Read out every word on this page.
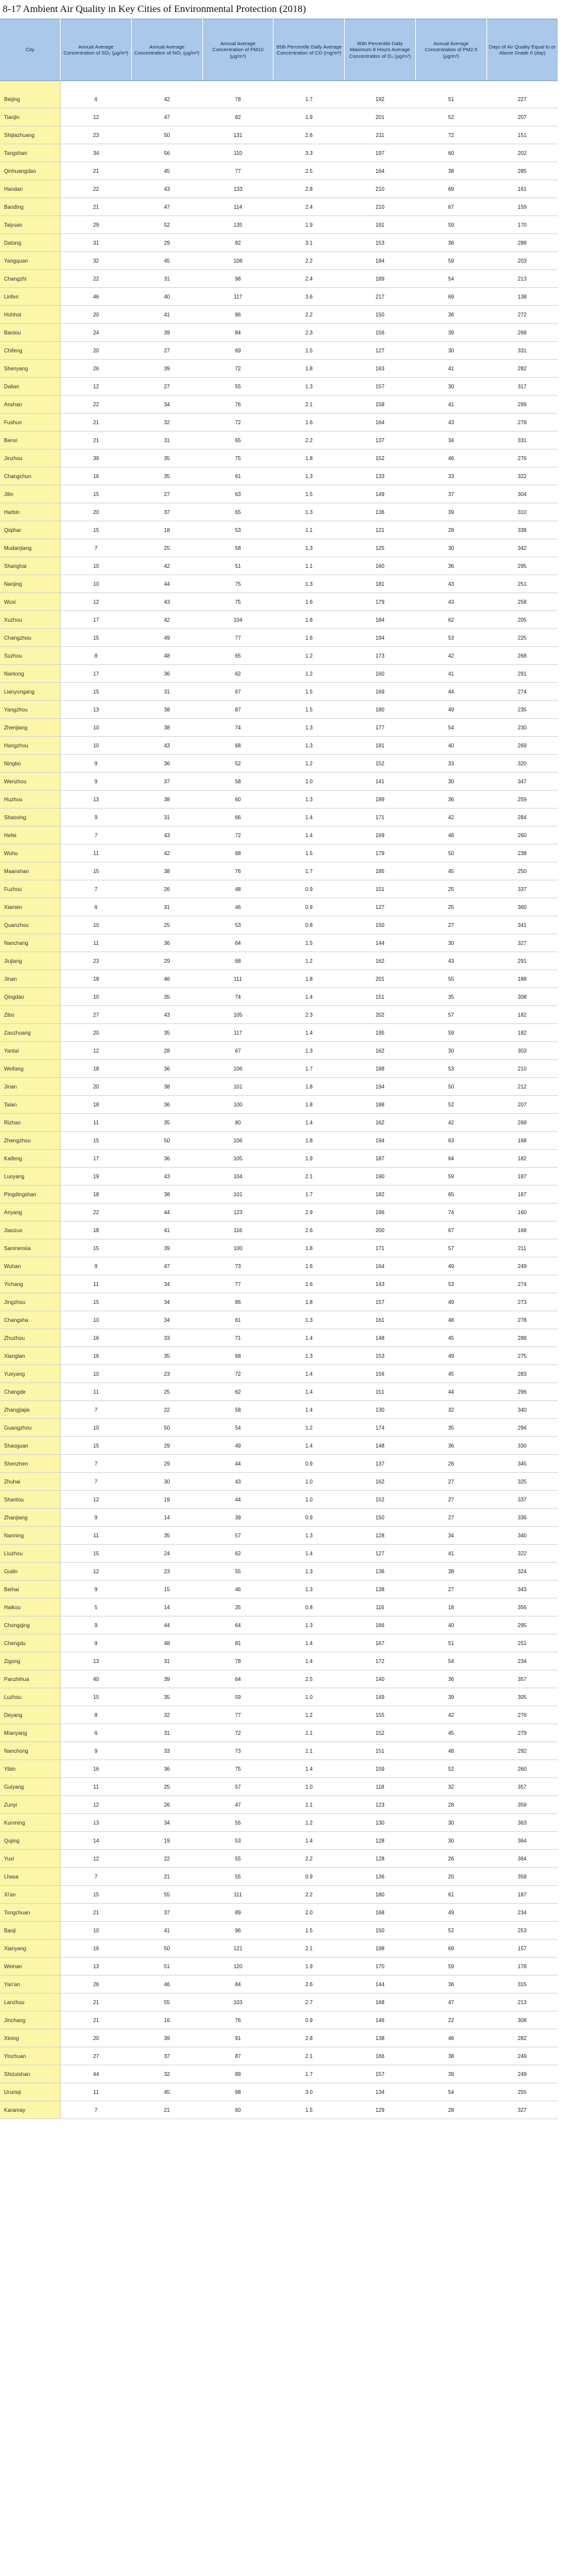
8-17 Ambient Air Quality in Key Cities of Environmental Protection (2018)
City	Annual Average Concentration of SO₂ (μg/m³)	Annual Average Concentration of NO₂ (μg/m³)	Annual Average Concentration of PM10 (μg/m³)	95th Percentile Daily Average Concentration of CO (mg/m³)	90th Percentile Daily Maximum 8 Hours Average Concentration of O₃ (μg/m³)	Annual Average Concentration of PM2.5 (μg/m³)	Days of Air Quality Equal to or Above Grade II (day)

Beijing	6	42	78	1.7	192	51	227
Tianjin	12	47	82	1.9	201	52	207
Shijiazhuang	23	50	131	2.6	211	72	151
Tangshan	34	56	110	3.3	197	60	202
Qinhuangdao	21	45	77	2.5	164	38	285
Handan	22	43	133	2.8	210	69	161
Baoding	21	47	114	2.4	210	67	159
Taiyuan	29	52	135	1.9	191	59	170
Datong	31	29	82	3.1	153	36	288
Yangquan	32	45	108	2.2	184	59	203
Changzhi	22	31	98	2.4	189	54	213
Linfen	46	40	117	3.6	217	69	138
Hohhot	20	41	86	2.2	150	36	272
Baotou	24	39	84	2.3	156	39	268
Chifeng	20	27	69	1.5	127	30	331
Shenyang	26	39	72	1.8	163	41	282
Dalian	12	27	55	1.3	157	30	317
Anshan	22	34	76	2.1	158	41	299
Fushun	21	32	72	1.6	164	43	278
Benxi	21	31	65	2.2	137	34	331
Jinzhou	39	35	75	1.8	152	46	276
Changchun	16	35	61	1.3	133	33	322
Jilin	15	27	63	1.5	149	37	304
Harbin	20	37	65	1.3	136	39	310
Qiqihar	15	18	53	1.1	121	28	338
Mudanjiang	7	25	58	1.3	125	30	342
Shanghai	10	42	51	1.1	160	36	295
Nanjing	10	44	75	1.3	181	43	251
Wuxi	12	43	75	1.6	179	43	258
Xuzhou	17	42	104	1.6	184	62	205
Changzhou	15	49	77	1.6	194	53	225
Suzhou	8	48	65	1.2	173	42	268
Nantong	17	36	62	1.2	160	41	291
Lianyungang	15	31	67	1.5	169	44	274
Yangzhou	13	38	87	1.5	180	49	235
Zhenjiang	10	38	74	1.3	177	54	230
Hangzhou	10	43	68	1.3	181	40	269
Ningbo	9	36	52	1.2	152	33	320
Wenzhou	9	37	58	1.0	141	30	347
Huzhou	13	38	60	1.3	189	36	259
Shaoxing	9	31	66	1.4	171	42	284
Hefei	7	43	72	1.4	169	48	260
Wuhu	11	42	68	1.5	179	50	238
Maanshan	15	38	76	1.7	185	45	250
Fuzhou	7	26	48	0.9	151	25	337
Xiamen	6	31	46	0.9	127	25	360
Quanzhou	10	25	53	0.8	150	27	341
Nanchang	11	36	64	1.5	144	30	327
Jiujiang	23	29	68	1.2	162	43	291
Jinan	18	46	111	1.8	201	55	188
Qingdao	10	35	74	1.4	151	35	308
Zibo	27	43	105	2.3	202	57	182
Zaozhuang	20	35	117	1.4	195	59	182
Yantai	12	28	67	1.3	162	30	303
Weifang	18	36	106	1.7	188	53	210
Jinan	20	38	101	1.8	194	50	212
Taian	18	36	100	1.8	188	52	207
Rizhao	11	35	80	1.4	162	42	268
Zhengzhou	15	50	106	1.8	194	63	168
Kaifeng	17	36	105	1.9	187	64	182
Luoyang	19	43	104	2.1	190	59	187
Pingdingshan	18	38	101	1.7	182	65	187
Anyang	22	44	123	2.9	196	74	160
Jiaozuo	18	41	116	2.6	200	67	168
Sanmenxia	15	39	100	1.8	171	57	211
Wuhan	9	47	73	1.6	164	49	249
Yichang	11	34	77	1.6	143	53	274
Jingzhou	15	34	86	1.8	157	49	273
Changsha	10	34	61	1.3	161	48	278
Zhuzhou	16	33	71	1.4	148	45	288
Xiangtan	16	35	68	1.3	153	49	275
Yueyang	10	23	72	1.4	156	45	283
Changde	11	25	62	1.4	151	44	296
Zhangjiajie	7	22	58	1.4	130	32	340
Guangzhou	10	50	54	1.2	174	35	294
Shaoguan	15	29	49	1.4	148	36	330
Shenzhen	7	29	44	0.9	137	26	345
Zhuhai	7	30	43	1.0	162	27	325
Shantou	12	19	44	1.0	152	27	337
Zhanjiang	9	14	39	0.9	150	27	336
Nanning	11	35	57	1.3	128	34	340
Liuzhou	15	24	62	1.4	127	41	322
Guilin	12	23	55	1.3	136	38	324
Beihai	9	15	46	1.3	138	27	343
Haikou	5	14	35	0.8	116	18	356
Chongqing	9	44	64	1.3	166	40	295
Chengdu	9	48	81	1.4	167	51	251
Zigong	13	31	78	1.4	172	54	234
Panzhihua	40	39	64	2.5	140	36	357
Luzhou	15	35	59	1.0	149	39	305
Deyang	8	32	77	1.2	155	42	276
Mianyang	6	31	72	1.1	152	45	279
Nanchong	9	33	73	1.1	151	48	292
Yibin	16	36	75	1.4	159	52	260
Guiyang	11	25	57	1.0	118	32	357
Zunyi	12	26	47	1.1	123	28	359
Kunming	13	34	55	1.2	130	30	363
Qujing	14	19	53	1.4	128	30	364
Yuxi	12	22	55	2.2	128	26	364
Lhasa	7	21	55	0.9	136	20	358
Xi'an	15	55	111	2.2	180	61	187
Tongchuan	21	37	89	2.0	168	49	234
Baoji	10	41	96	1.5	150	52	253
Xianyang	16	50	121	2.1	198	69	157
Weinan	13	51	120	1.9	170	59	178
Yan'an	26	46	84	2.6	144	36	315
Lanzhou	21	55	103	2.7	168	47	213
Jinchang	21	16	76	0.9	146	22	308
Xining	20	39	91	2.8	138	46	282
Yinchuan	27	37	87	2.1	166	38	249
Shizuishan	44	32	89	1.7	157	39	249
Urumqi	11	45	98	3.0	134	54	255
Karamay	7	21	60	1.5	129	28	327
